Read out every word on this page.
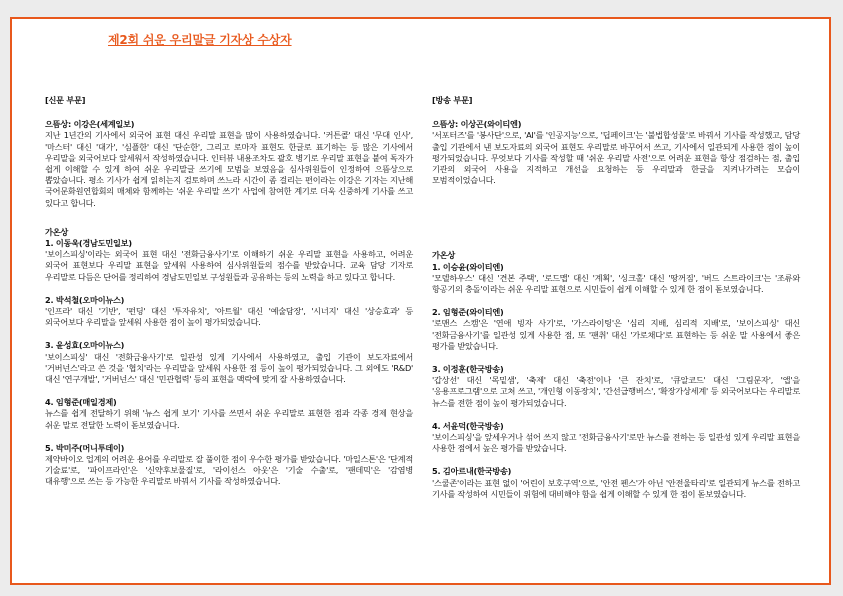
제2회 쉬운 우리말글 기자상 수상자

[신문 부문]

으뜸상: 이강은(세계일보)

지난 1년간의 기사에서 외국어 표현 대신 우리말 표현을 많이 사용하였습니다. '커튼콜' 대신 '무대 인사', '마스터' 대신 '대가', '심플한' 대신 '단순한', 그리고 로마자 표현도 한글로 표기하는 등 많은 기사에서 우리말을 외국어보다 앞세워서 작성하였습니다. 인터뷰 내용조차도 괄호 병기로 우리말 표현을 붙여 독자가 쉽게 이해할 수 있게 하여 쉬운 우리말글 쓰기에 모범을 보였음을 심사위원들이 인정하여 으뜸상으로 뽑았습니다. 평소 기사가 쉽게 읽히는지 검토하며 쓰느라 시간이 좀 걸리는 편이라는 이강은 기자는 지난해 국어문화원연합회의 매체와 함께하는 '쉬운 우리말 쓰기' 사업에 참여한 계기로 더욱 신중하게 기사를 쓰고 있다고 합니다.

가온상

1. 이동욱(경남도민일보)

'보이스피싱'이라는 외국어 표현 대신 '전화금융사기'로 이해하기 쉬운 우리말 표현을 사용하고, 어려운 외국어 표현보다 우리말 표현을 앞세워 사용하여 심사위원들의 점수를 받았습니다. 교육 담당 기자로 우리말로 다듬은 단어를 정리하여 경남도민일보 구성원들과 공유하는 등의 노력을 하고 있다고 합니다.

2. 박석철(오마이뉴스)

'인프라' 대신 '기반', '펀딩' 대신 '투자유치', '아트월' 대신 '예술담장', '시너지' 대신 '상승효과' 등 외국어보다 우리말을 앞세워 사용한 점이 높이 평가되었습니다.

3. 윤성효(오마이뉴스)

'보이스피싱' 대신 '전화금융사기'로 일관성 있게 기사에서 사용하였고, 출입 기관이 보도자료에서 '거버넌스'라고 쓴 것을 '협치'라는 우리말을 앞세워 사용한 점 등이 높이 평가되었습니다. 그 외에도 'R&D' 대신 '연구개발', '거버넌스' 대신 '민관협력' 등의 표현을 맥락에 맞게 잘 사용하였습니다.

4. 임형준(매일경제)

뉴스를 쉽게 전달하기 위해 '뉴스 쉽게 보기' 기사를 쓰면서 쉬운 우리말로 표현한 점과 각종 경제 현상을 쉬운 말로 전달한 노력이 돋보였습니다.

5. 박미주(머니투데이)

제약바이오 업계의 어려운 용어를 우리말로 잘 풀이한 점이 우수한 평가를 받았습니다. '마일스톤'은 '단계적 기술료'로, '파이프라인'은 '신약후보물질'로, '라이선스 아웃'은 '기술 수출'로, '팬데믹'은 '감염병 대유행'으로 쓰는 등 가능한 우리말로 바꿔서 기사를 작성하였습니다.

[방송 부문]

으뜸상: 이상곤(와이티엔)

'서포터즈'를 '봉사단'으로, 'AI'를 '인공지능'으로, '딥페이크'는 '불법합성물'로 바꿔서 기사를 작성했고, 담당 출입 기관에서 낸 보도자료의 외국어 표현도 우리말로 바꾸어서 쓰고, 기사에서 일관되게 사용한 점이 높이 평가되었습니다. 무엇보다 기사를 작성할 때 '쉬운 우리말 사전'으로 어려운 표현을 항상 점검하는 점, 출입 기관의 외국어 사용을 지적하고 개선을 요청하는 등 우리말과 한글을 지켜나가려는 모습이 모범적이었습니다.

가온상

1. 이승윤(와이티엔)

'모델하우스' 대신 '견본 주택', '로드맵' 대신 '계획', '싱크홀' 대신 '땅꺼짐', '버드 스트라이크'는 '조류와 항공기의 충돌'이라는 쉬운 우리말 표현으로 시민들이 쉽게 이해할 수 있게 한 점이 돋보였습니다.

2. 임형준(와이티엔)

'로맨스 스캠'은 '연애 빙자 사기'로, '가스라이팅'은 '심리 지배, 심리적 지배'로, '보이스피싱' 대신 '전화금융사기'를 일관성 있게 사용한 점, 또 '팬취' 대신 '가로채다'로 표현하는 등 쉬운 말 사용에서 좋은 평가를 받았습니다.

3. 이정훈(한국방송)

'갑상선' 대신 '목밑샘', '축제' 대신 '축전'이나 '큰 잔치'로, '큐알코드' 대신 '그림문자', '앱'을 '응용프로그램'으로 고쳐 쓰고, '개인형 이동장치', '간선급행버스', '확장가상세계' 등 외국어보다는 우리말로 뉴스를 전한 점이 높이 평가되었습니다.

4. 서윤덕(한국방송)

'보이스피싱'을 앞세우거나 섞어 쓰지 않고 '전화금융사기'로만 뉴스를 전하는 등 일관성 있게 우리말 표현을 사용한 점에서 높은 평가를 받았습니다.

5. 김아르내(한국방송)

'스쿨존'이라는 표현 없이 '어린이 보호구역'으로, '안전 펜스'가 아닌 '안전울타리'로 일관되게 뉴스를 전하고 기사를 작성하여 시민들이 위험에 대비해야 함을 쉽게 이해할 수 있게 한 점이 돋보였습니다.
